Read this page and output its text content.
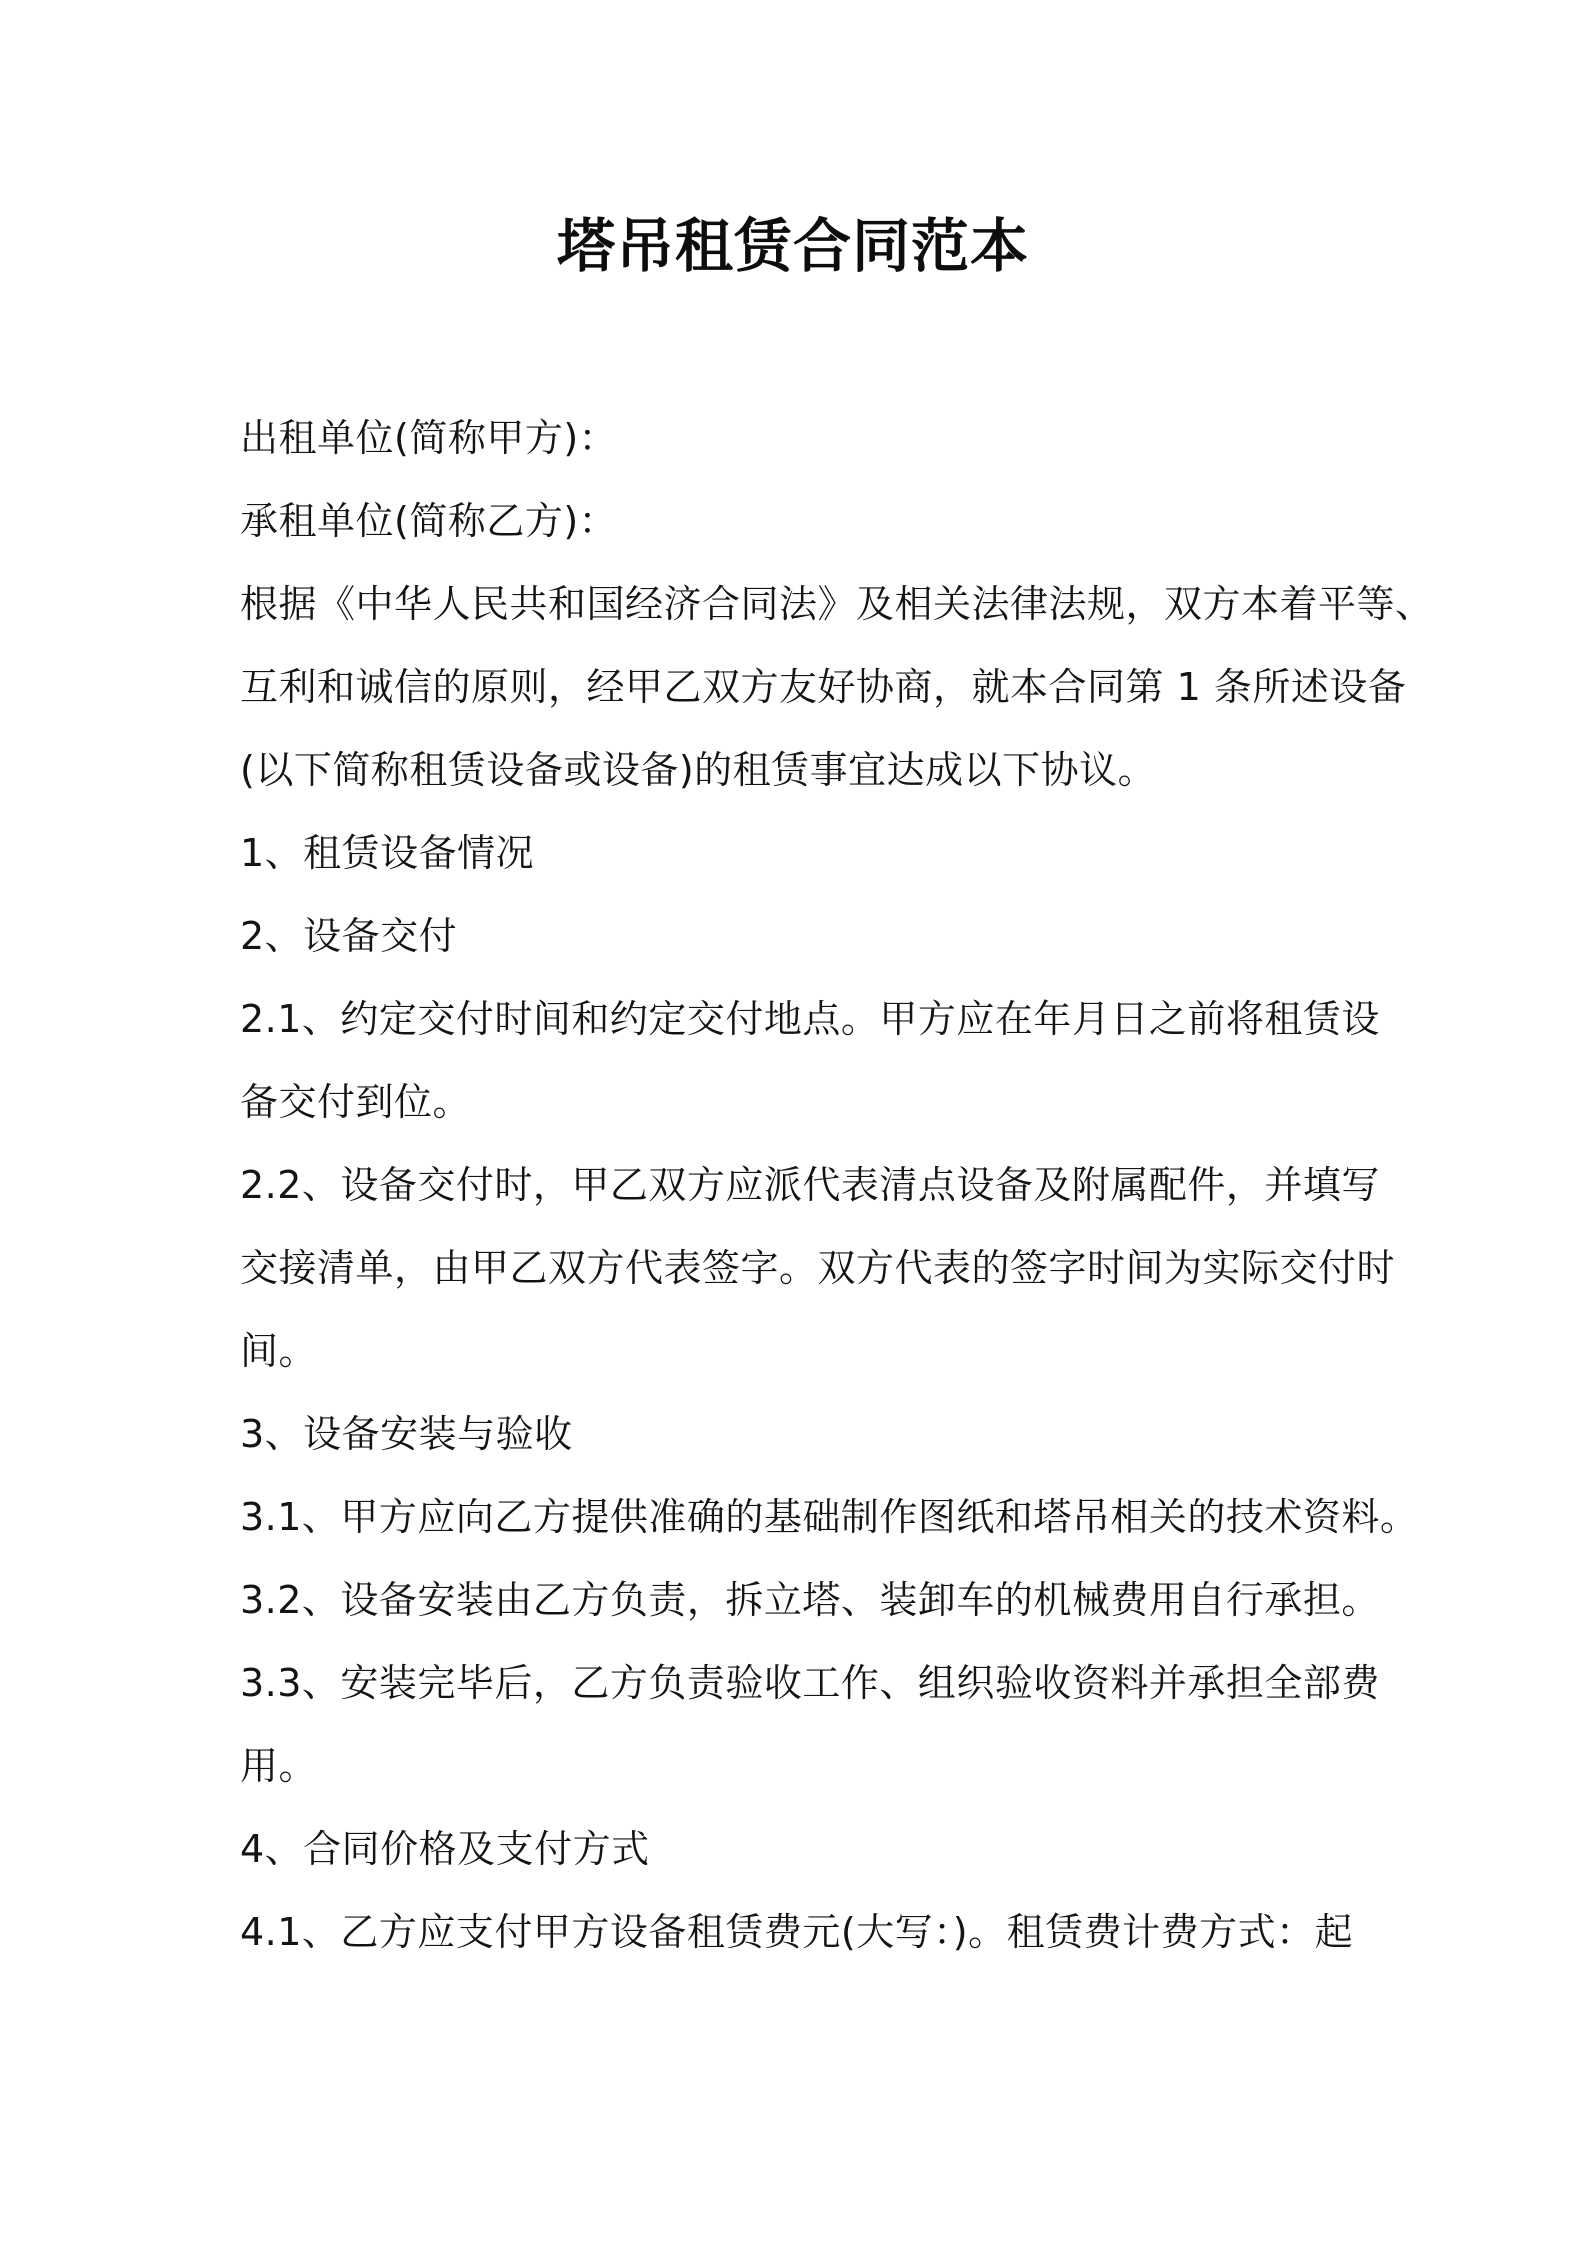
塔吊租赁合同范本
出租单位(简称甲方)：
承租单位(简称乙方)：
根据《中华人民共和国经济合同法》及相关法律法规，双方本着平等、
互利和诚信的原则，经甲乙双方友好协商，就本合同第 1 条所述设备
(以下简称租赁设备或设备)的租赁事宜达成以下协议。
1、租赁设备情况
2、设备交付
2.1、约定交付时间和约定交付地点。甲方应在年月日之前将租赁设
备交付到位。
2.2、设备交付时，甲乙双方应派代表清点设备及附属配件，并填写
交接清单，由甲乙双方代表签字。双方代表的签字时间为实际交付时
间。
3、设备安装与验收
3.1、甲方应向乙方提供准确的基础制作图纸和塔吊相关的技术资料。
3.2、设备安装由乙方负责，拆立塔、装卸车的机械费用自行承担。
3.3、安装完毕后，乙方负责验收工作、组织验收资料并承担全部费
用。
4、合同价格及支付方式
4.1、乙方应支付甲方设备租赁费元(大写：)。租赁费计费方式：起
